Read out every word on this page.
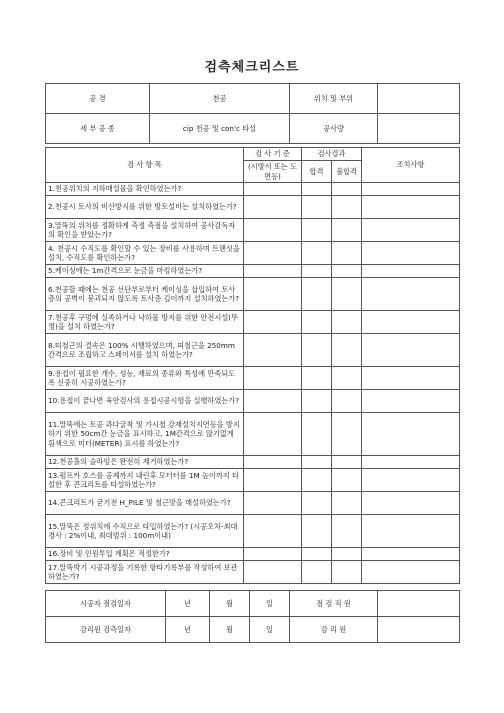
검측체크리스트
공 경	천공	위치 및 부위	
세 부 공 종	cip 천공 및 con'c 타설	공사량	
검 사 항 목	검 사 기 준	검사결과		조치사항
	(시방서 또는 도면등)	합격	불합격	
1.천공위치의 지하매설물을 확인하였는가?				
2.천공시 토사의 비산방지를 위한 방토설비는 설치하였는가?				
3.말뚝의 위치를 정확하게 측정 측점을 설치하여 공사감독자의 확인을 받았는가?				
4. 천공시 수직도를 확인할 수 있는 장비를 사용하며 트랜싯을 설치, 수직도를 확인하는가?				
5.케이싱에는 1m간격으로 눈금을 마킹하였는가?				
6.천공할 때에는 천공 선단부로부터 케이싱을 삽입하여 토사층의 공벽이 붕괴되지 않도록 토사층 깊이까지 설치하였는가?				
7.천공후 구멍에 실족하거나 낙하물 방지를 위한 안전시설(뚜껑)을 설치 하였는가?				
8.띠철근의 결속은 100% 시행하였으며, 띠철근을 250mm 간격으로 조립하고 스페이서를 설치 하였는가?				
9.용접이 필요한 개수, 성능, 재료의 종류와 특성에 만족되도록 신중히 시공하였는가?				
10.용접이 끝나면 육안검사의 용접시공시험을 실행하였는가?				
11.말뚝에는 토공 과다굴착 및 가시철 강재설치지연등을 방지하기 위한 50cm간 눈금을 표시하고, 1M간격으로 않기없게 흰색으로 미터(METER) 표시를 하였는가?				
12.천공홀의 슬라임은 완전히 제거하였는가?				
13.펌프카 호스를 공제까지 내린후 모터터를 1M 높이까지 타설한 후 콘크리트를 타설하였는가?				
14.콘크리트가 굳기전 H_PILE 및 철근망을 매설하였는가?				
15.말뚝은 정위치에 수직으로 타입하였는가? (시공오차-최대경사 : 2%이내, 최대범위 : 100m이내)				
16.장비 및 인원투입 계획은 적정한가?				
17.말뚝박기 시공과정을 기록한 항타기록부를 작성하여 보관하였는가?				
시공자 점검일자	년	월	일	점 검 직 원	
감리원 검측일자	년	월	일	감 리 원	
